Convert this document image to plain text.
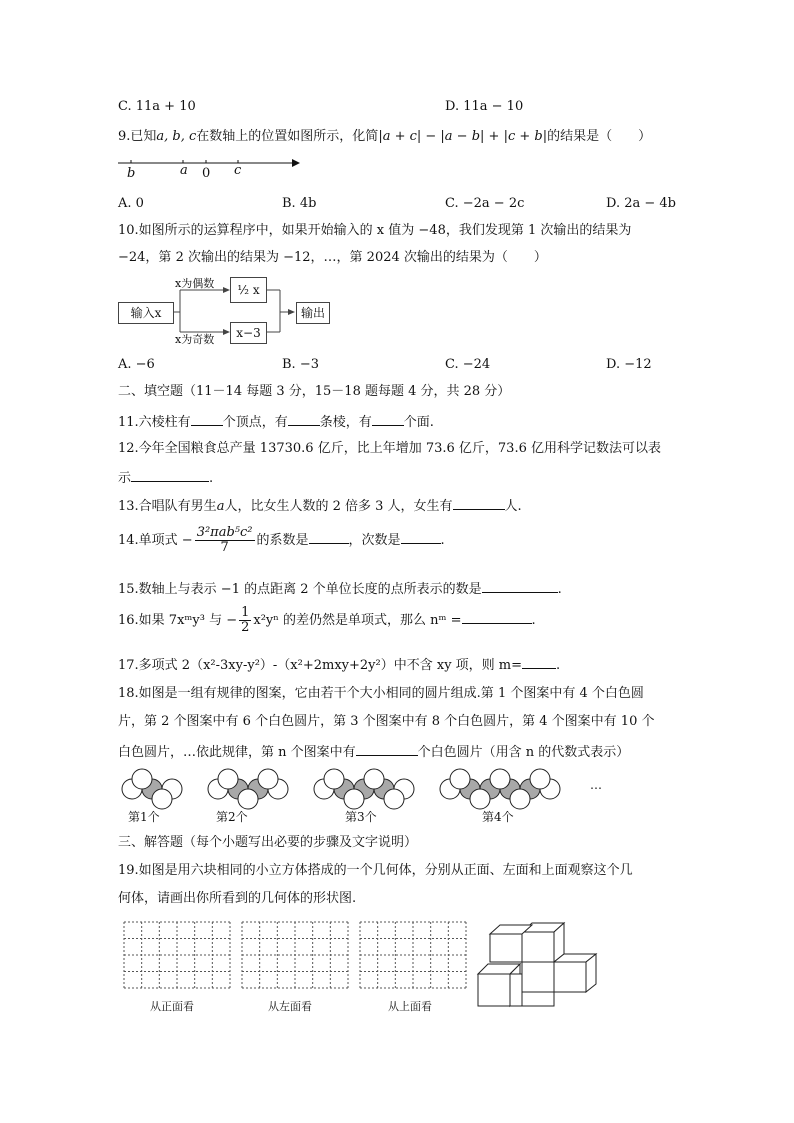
C. 11a + 10	D. 11a − 10
9.已知a, b, c在数轴上的位置如图所示，化简|a + c| − |a − b| + |c + b|的结果是（　　）
b	a 0 c
A. 0	B. 4b	C. −2a − 2c	D. 2a − 4b
10.如图所示的运算程序中，如果开始输入的 x 值为 −48，我们发现第 1 次输出的结果为
−24，第 2 次输出的结果为 −12，…，第 2024 次输出的结果为（　　）
输入x
x为偶数	½ x
x−3
x为奇数
输出
A. −6	B. −3	C. −24	D. −12
二、填空题（11－14 每题 3 分，15－18 题每题 4 分，共 28 分）
11.六棱柱有 个顶点，有 条棱，有 个面.
12.今年全国粮食总产量 13730.6 亿斤，比上年增加 73.6 亿斤，73.6 亿用科学记数法可以表
示	.
13.合唱队有男生a人，比女生人数的 2 倍多 3 人，女生有	人.
14.单项式 − $\frac{\text{3²πab⁵c²}}{7}$ 的系数是	，次数是	.
15.数轴上与表示 −1 的点距离 2 个单位长度的点所表示的数是	.
16.如果 7xᵐy³ 与 − $\frac{1}{2} x^2y^n$ 的差仍然是单项式，那么 nᵐ =	.
17.多项式 2（x²-3xy-y²）-（x²+2mxy+2y²）中不含 xy 项，则 m=	.
18.如图是一组有规律的图案，它由若干个大小相同的圆片组成.第 1 个图案中有 4 个白色圆
片，第 2 个图案中有 6 个白色圆片，第 3 个图案中有 8 个白色圆片，第 4 个图案中有 10 个
白色圆片，…依此规律，第 n 个图案中有	个白色圆片（用含 n 的代数式表示）
…
第1个	第2个	第3个	第4个
三、解答题（每个小题写出必要的步骤及文字说明）
19.如图是用六块相同的小立方体搭成的一个几何体，分别从正面、左面和上面观察这个几
何体，请画出你所看到的几何体的形状图.
从正面看	从左面看	从上面看
